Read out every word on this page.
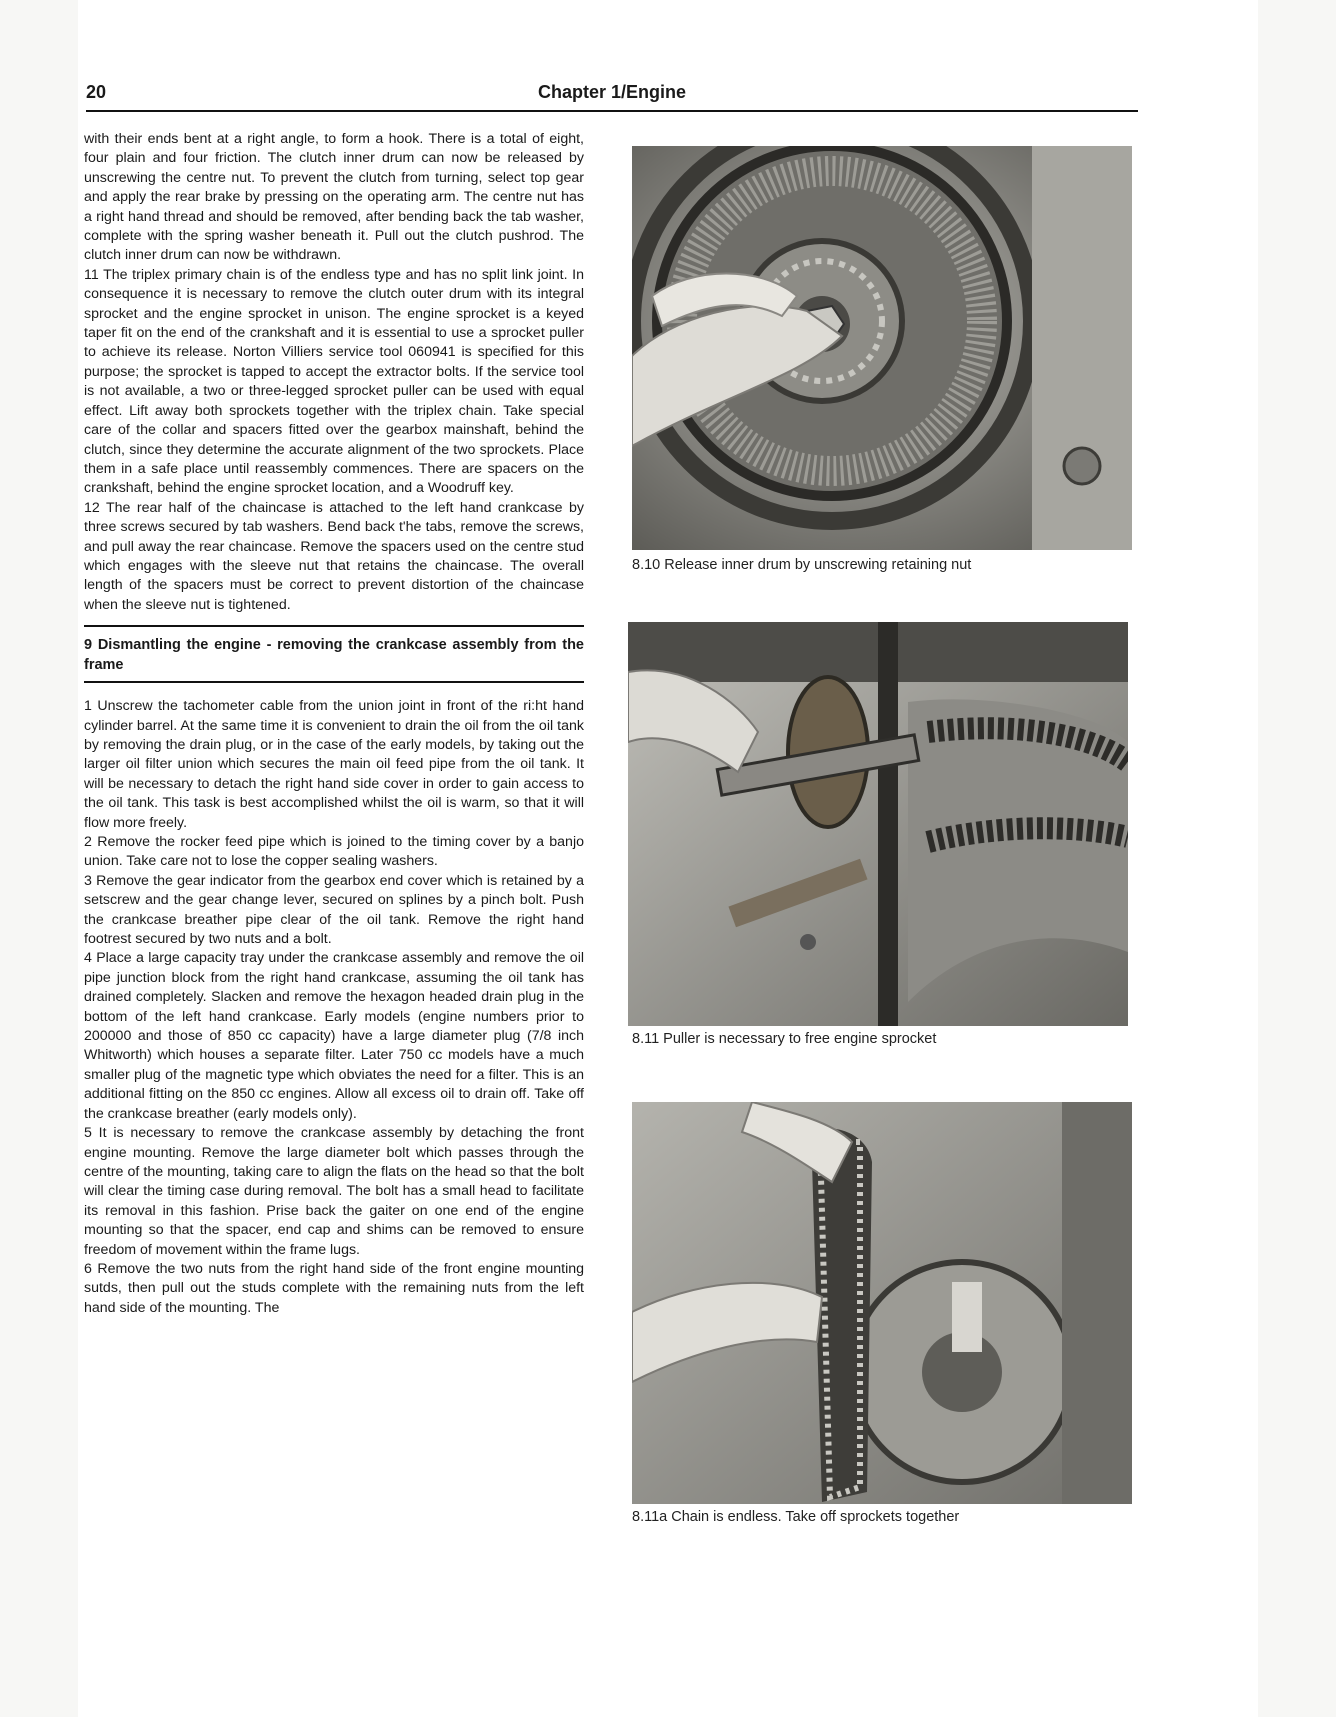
Chapter 1/Engine
20

with their ends bent at a right angle, to form a hook. There is a total of eight, four plain and four friction. The clutch inner drum can now be released by unscrewing the centre nut. To prevent the clutch from turning, select top gear and apply the rear brake by pressing on the operating arm. The centre nut has a right hand thread and should be removed, after bending back the tab washer, complete with the spring washer beneath it. Pull out the clutch pushrod. The clutch inner drum can now be withdrawn.

11 The triplex primary chain is of the endless type and has no split link joint. In consequence it is necessary to remove the clutch outer drum with its integral sprocket and the engine sprocket in unison. The engine sprocket is a keyed taper fit on the end of the crankshaft and it is essential to use a sprocket puller to achieve its release. Norton Villiers service tool 060941 is specified for this purpose; the sprocket is tapped to accept the extractor bolts. If the service tool is not available, a two or three-legged sprocket puller can be used with equal effect. Lift away both sprockets together with the triplex chain. Take special care of the collar and spacers fitted over the gearbox mainshaft, behind the clutch, since they determine the accurate alignment of the two sprockets. Place them in a safe place until reassembly commences. There are spacers on the crankshaft, behind the engine sprocket location, and a Woodruff key.

12 The rear half of the chaincase is attached to the left hand crankcase by three screws secured by tab washers. Bend back t'he tabs, remove the screws, and pull away the rear chaincase. Remove the spacers used on the centre stud which engages with the sleeve nut that retains the chaincase. The overall length of the spacers must be correct to prevent distortion of the chaincase when the sleeve nut is tightened.

9 Dismantling the engine - removing the crankcase assembly from the frame

1 Unscrew the tachometer cable from the union joint in front of the ri:ht hand cylinder barrel. At the same time it is convenient to drain the oil from the oil tank by removing the drain plug, or in the case of the early models, by taking out the larger oil filter union which secures the main oil feed pipe from the oil tank. It will be necessary to detach the right hand side cover in order to gain access to the oil tank. This task is best accomplished whilst the oil is warm, so that it will flow more freely.

2 Remove the rocker feed pipe which is joined to the timing cover by a banjo union. Take care not to lose the copper sealing washers.

3 Remove the gear indicator from the gearbox end cover which is retained by a setscrew and the gear change lever, secured on splines by a pinch bolt. Push the crankcase breather pipe clear of the oil tank. Remove the right hand footrest secured by two nuts and a bolt.

4 Place a large capacity tray under the crankcase assembly and remove the oil pipe junction block from the right hand crankcase, assuming the oil tank has drained completely. Slacken and remove the hexagon headed drain plug in the bottom of the left hand crankcase. Early models (engine numbers prior to 200000 and those of 850 cc capacity) have a large diameter plug (7/8 inch Whitworth) which houses a separate filter. Later 750 cc models have a much smaller plug of the magnetic type which obviates the need for a filter. This is an additional fitting on the 850 cc engines. Allow all excess oil to drain off. Take off the crankcase breather (early models only).

5 It is necessary to remove the crankcase assembly by detaching the front engine mounting. Remove the large diameter bolt which passes through the centre of the mounting, taking care to align the flats on the head so that the bolt will clear the timing case during removal. The bolt has a small head to facilitate its removal in this fashion. Prise back the gaiter on one end of the engine mounting so that the spacer, end cap and shims can be removed to ensure freedom of movement within the frame lugs.

6 Remove the two nuts from the right hand side of the front engine mounting sutds, then pull out the studs complete with the remaining nuts from the left hand side of the mounting. The

8.10 Release inner drum by unscrewing retaining nut
8.11 Puller is necessary to free engine sprocket
8.11a Chain is endless. Take off sprockets together
